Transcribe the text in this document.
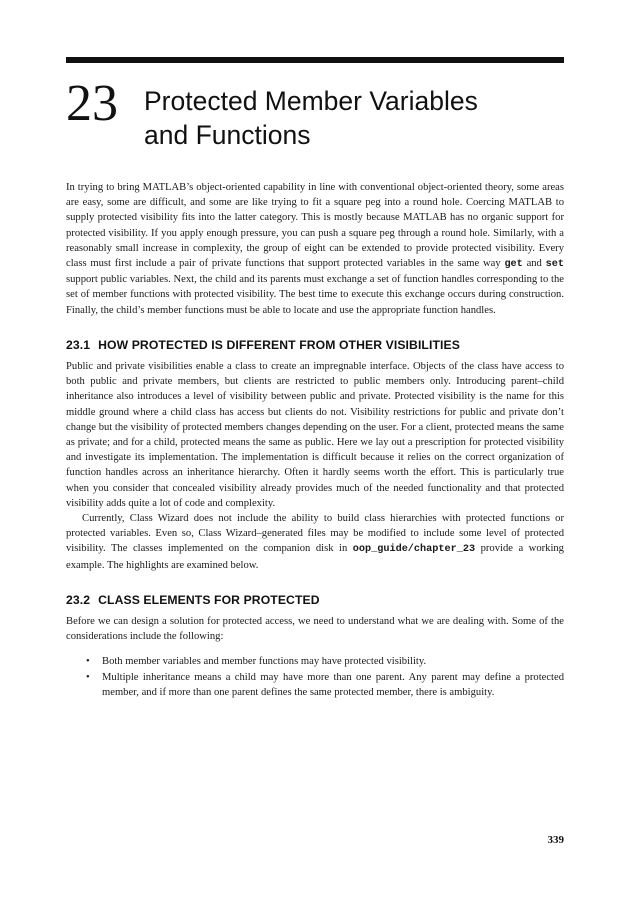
23 Protected Member Variables
and Functions

In trying to bring MATLAB’s object-oriented capability in line with conventional object-oriented theory, some areas are easy, some are difficult, and some are like trying to fit a square peg into a round hole. Coercing MATLAB to supply protected visibility fits into the latter category. This is mostly because MATLAB has no organic support for protected visibility. If you apply enough pressure, you can push a square peg through a round hole. Similarly, with a reasonably small increase in complexity, the group of eight can be extended to provide protected visibility. Every class must first include a pair of private functions that support protected variables in the same way get and set support public variables. Next, the child and its parents must exchange a set of function handles corresponding to the set of member functions with protected visibility. The best time to execute this exchange occurs during construction. Finally, the child’s member functions must be able to locate and use the appropriate function handles.

23.1 HOW PROTECTED IS DIFFERENT FROM OTHER VISIBILITIES

Public and private visibilities enable a class to create an impregnable interface. Objects of the class have access to both public and private members, but clients are restricted to public members only. Introducing parent–child inheritance also introduces a level of visibility between public and private. Protected visibility is the name for this middle ground where a child class has access but clients do not. Visibility restrictions for public and private don’t change but the visibility of protected members changes depending on the user. For a client, protected means the same as private; and for a child, protected means the same as public. Here we lay out a prescription for protected visibility and investigate its implementation. The implementation is difficult because it relies on the correct organization of function handles across an inheritance hierarchy. Often it hardly seems worth the effort. This is particularly true when you consider that concealed visibility already provides much of the needed functionality and that protected visibility adds quite a lot of code and complexity.

Currently, Class Wizard does not include the ability to build class hierarchies with protected functions or protected variables. Even so, Class Wizard–generated files may be modified to include some level of protected visibility. The classes implemented on the companion disk in oop_guide/chapter_23 provide a working example. The highlights are examined below.

23.2 CLASS ELEMENTS FOR PROTECTED

Before we can design a solution for protected access, we need to understand what we are dealing with. Some of the considerations include the following:

• Both member variables and member functions may have protected visibility.
• Multiple inheritance means a child may have more than one parent. Any parent may define a protected member, and if more than one parent defines the same protected member, there is ambiguity.
339
